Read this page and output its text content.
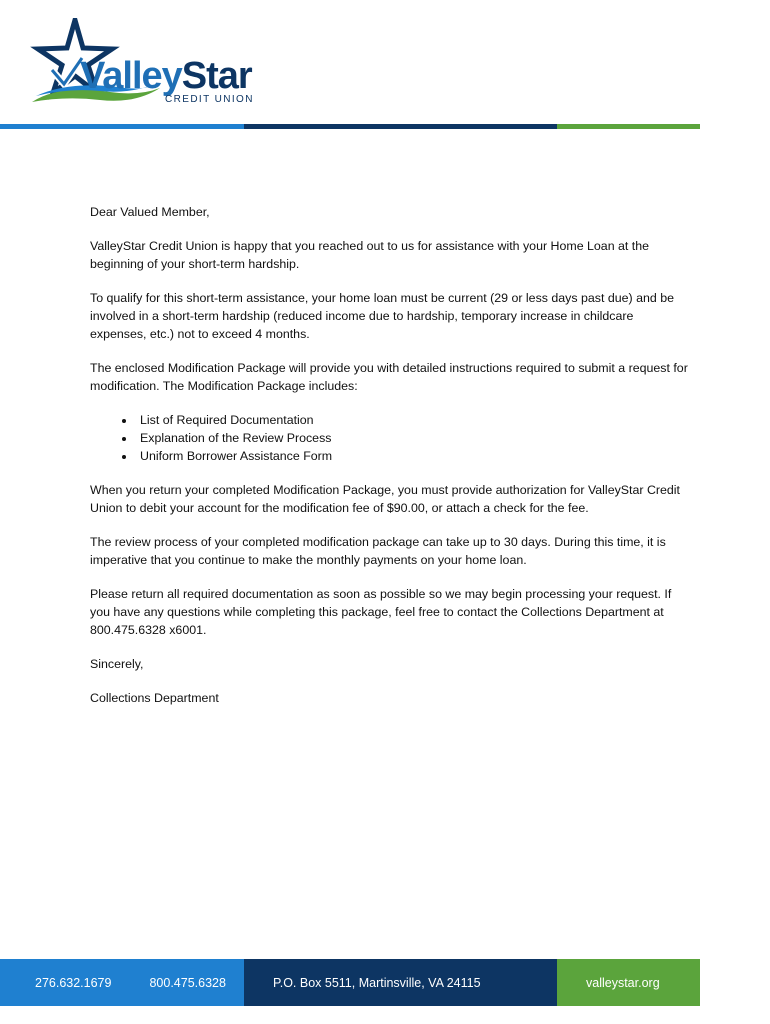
ValleyStar
CREDIT UNION

Dear Valued Member,

ValleyStar Credit Union is happy that you reached out to us for assistance with your Home Loan at the beginning of your short-term hardship.

To qualify for this short-term assistance, your home loan must be current (29 or less days past due) and be involved in a short-term hardship (reduced income due to hardship, temporary increase in childcare expenses, etc.) not to exceed 4 months.

The enclosed Modification Package will provide you with detailed instructions required to submit a request for modification. The Modification Package includes:

• List of Required Documentation
• Explanation of the Review Process
• Uniform Borrower Assistance Form

When you return your completed Modification Package, you must provide authorization for ValleyStar Credit Union to debit your account for the modification fee of $90.00, or attach a check for the fee.

The review process of your completed modification package can take up to 30 days. During this time, it is imperative that you continue to make the monthly payments on your home loan.

Please return all required documentation as soon as possible so we may begin processing your request. If you have any questions while completing this package, feel free to contact the Collections Department at 800.475.6328 x6001.

Sincerely,

Collections Department

276.632.1679	800.475.6328	P.O. Box 5511, Martinsville, VA 24115	valleystar.org
